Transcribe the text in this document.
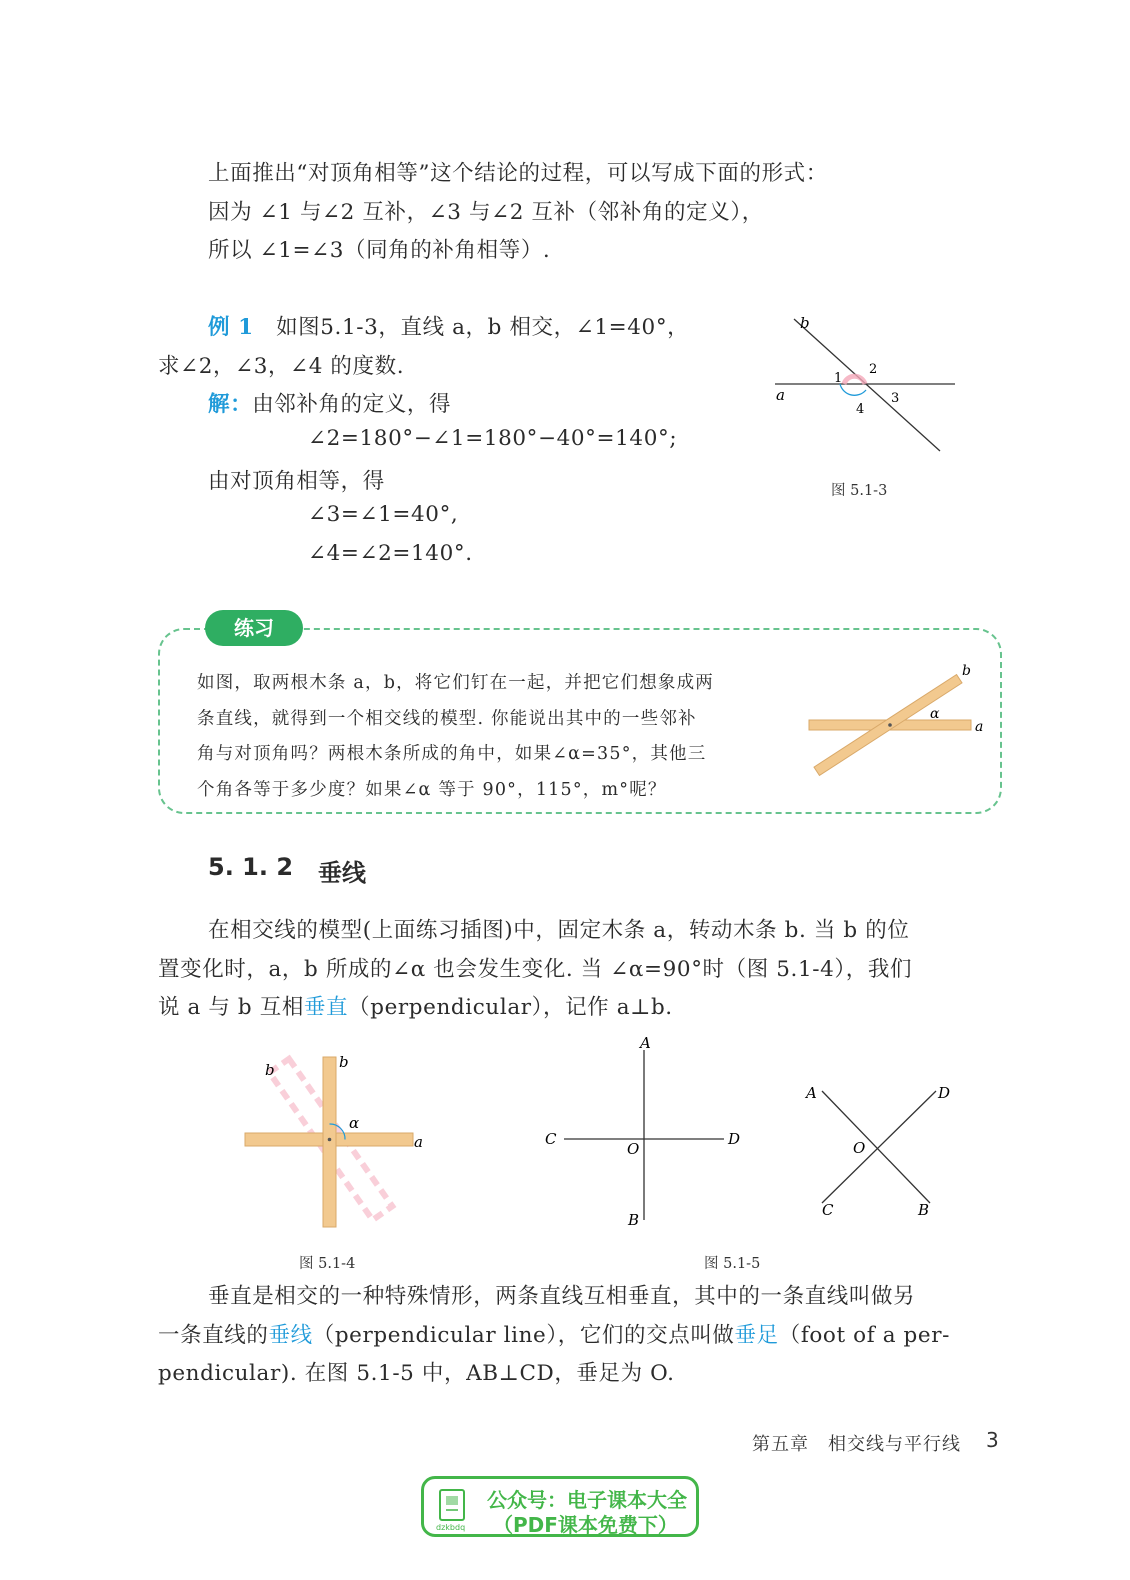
上面推出“对顶角相等”这个结论的过程，可以写成下面的形式：
因为 ∠1 与∠2 互补，∠3 与∠2 互补（邻补角的定义），
所以 ∠1=∠3（同角的补角相等）.
例 1 如图5.1-3，直线 a，b 相交，∠1=40°，
求∠2，∠3，∠4 的度数.
解：由邻补角的定义，得
∠2=180°−∠1=180°−40°=140°;
由对顶角相等，得
∠3=∠1=40°,
∠4=∠2=140°.
b
a
1
2
3
4
图 5.1-3
练习
如图，取两根木条 a，b，将它们钉在一起，并把它们想象成两
条直线，就得到一个相交线的模型. 你能说出其中的一些邻补
角与对顶角吗？两根木条所成的角中，如果∠α=35°，其他三
个角各等于多少度？如果∠α 等于 90°，115°，m°呢？
b
a
α
5. 1. 2 垂线
在相交线的模型(上面练习插图)中，固定木条 a，转动木条 b. 当 b 的位
置变化时，a，b 所成的∠α 也会发生变化. 当 ∠α=90°时（图 5.1-4），我们
说 a 与 b 互相垂直（perpendicular），记作 a⊥b.
b	b
α
a
图 5.1-4
A
B
C	D
O
A
B
C
D
O
图 5.1-5
垂直是相交的一种特殊情形，两条直线互相垂直，其中的一条直线叫做另
一条直线的垂线（perpendicular line），它们的交点叫做垂足（foot of a per-
pendicular). 在图 5.1-5 中，AB⊥CD，垂足为 O.
第五章　相交线与平行线 3
dzkbdq
公众号：电子课本大全
（PDF课本免费下）
